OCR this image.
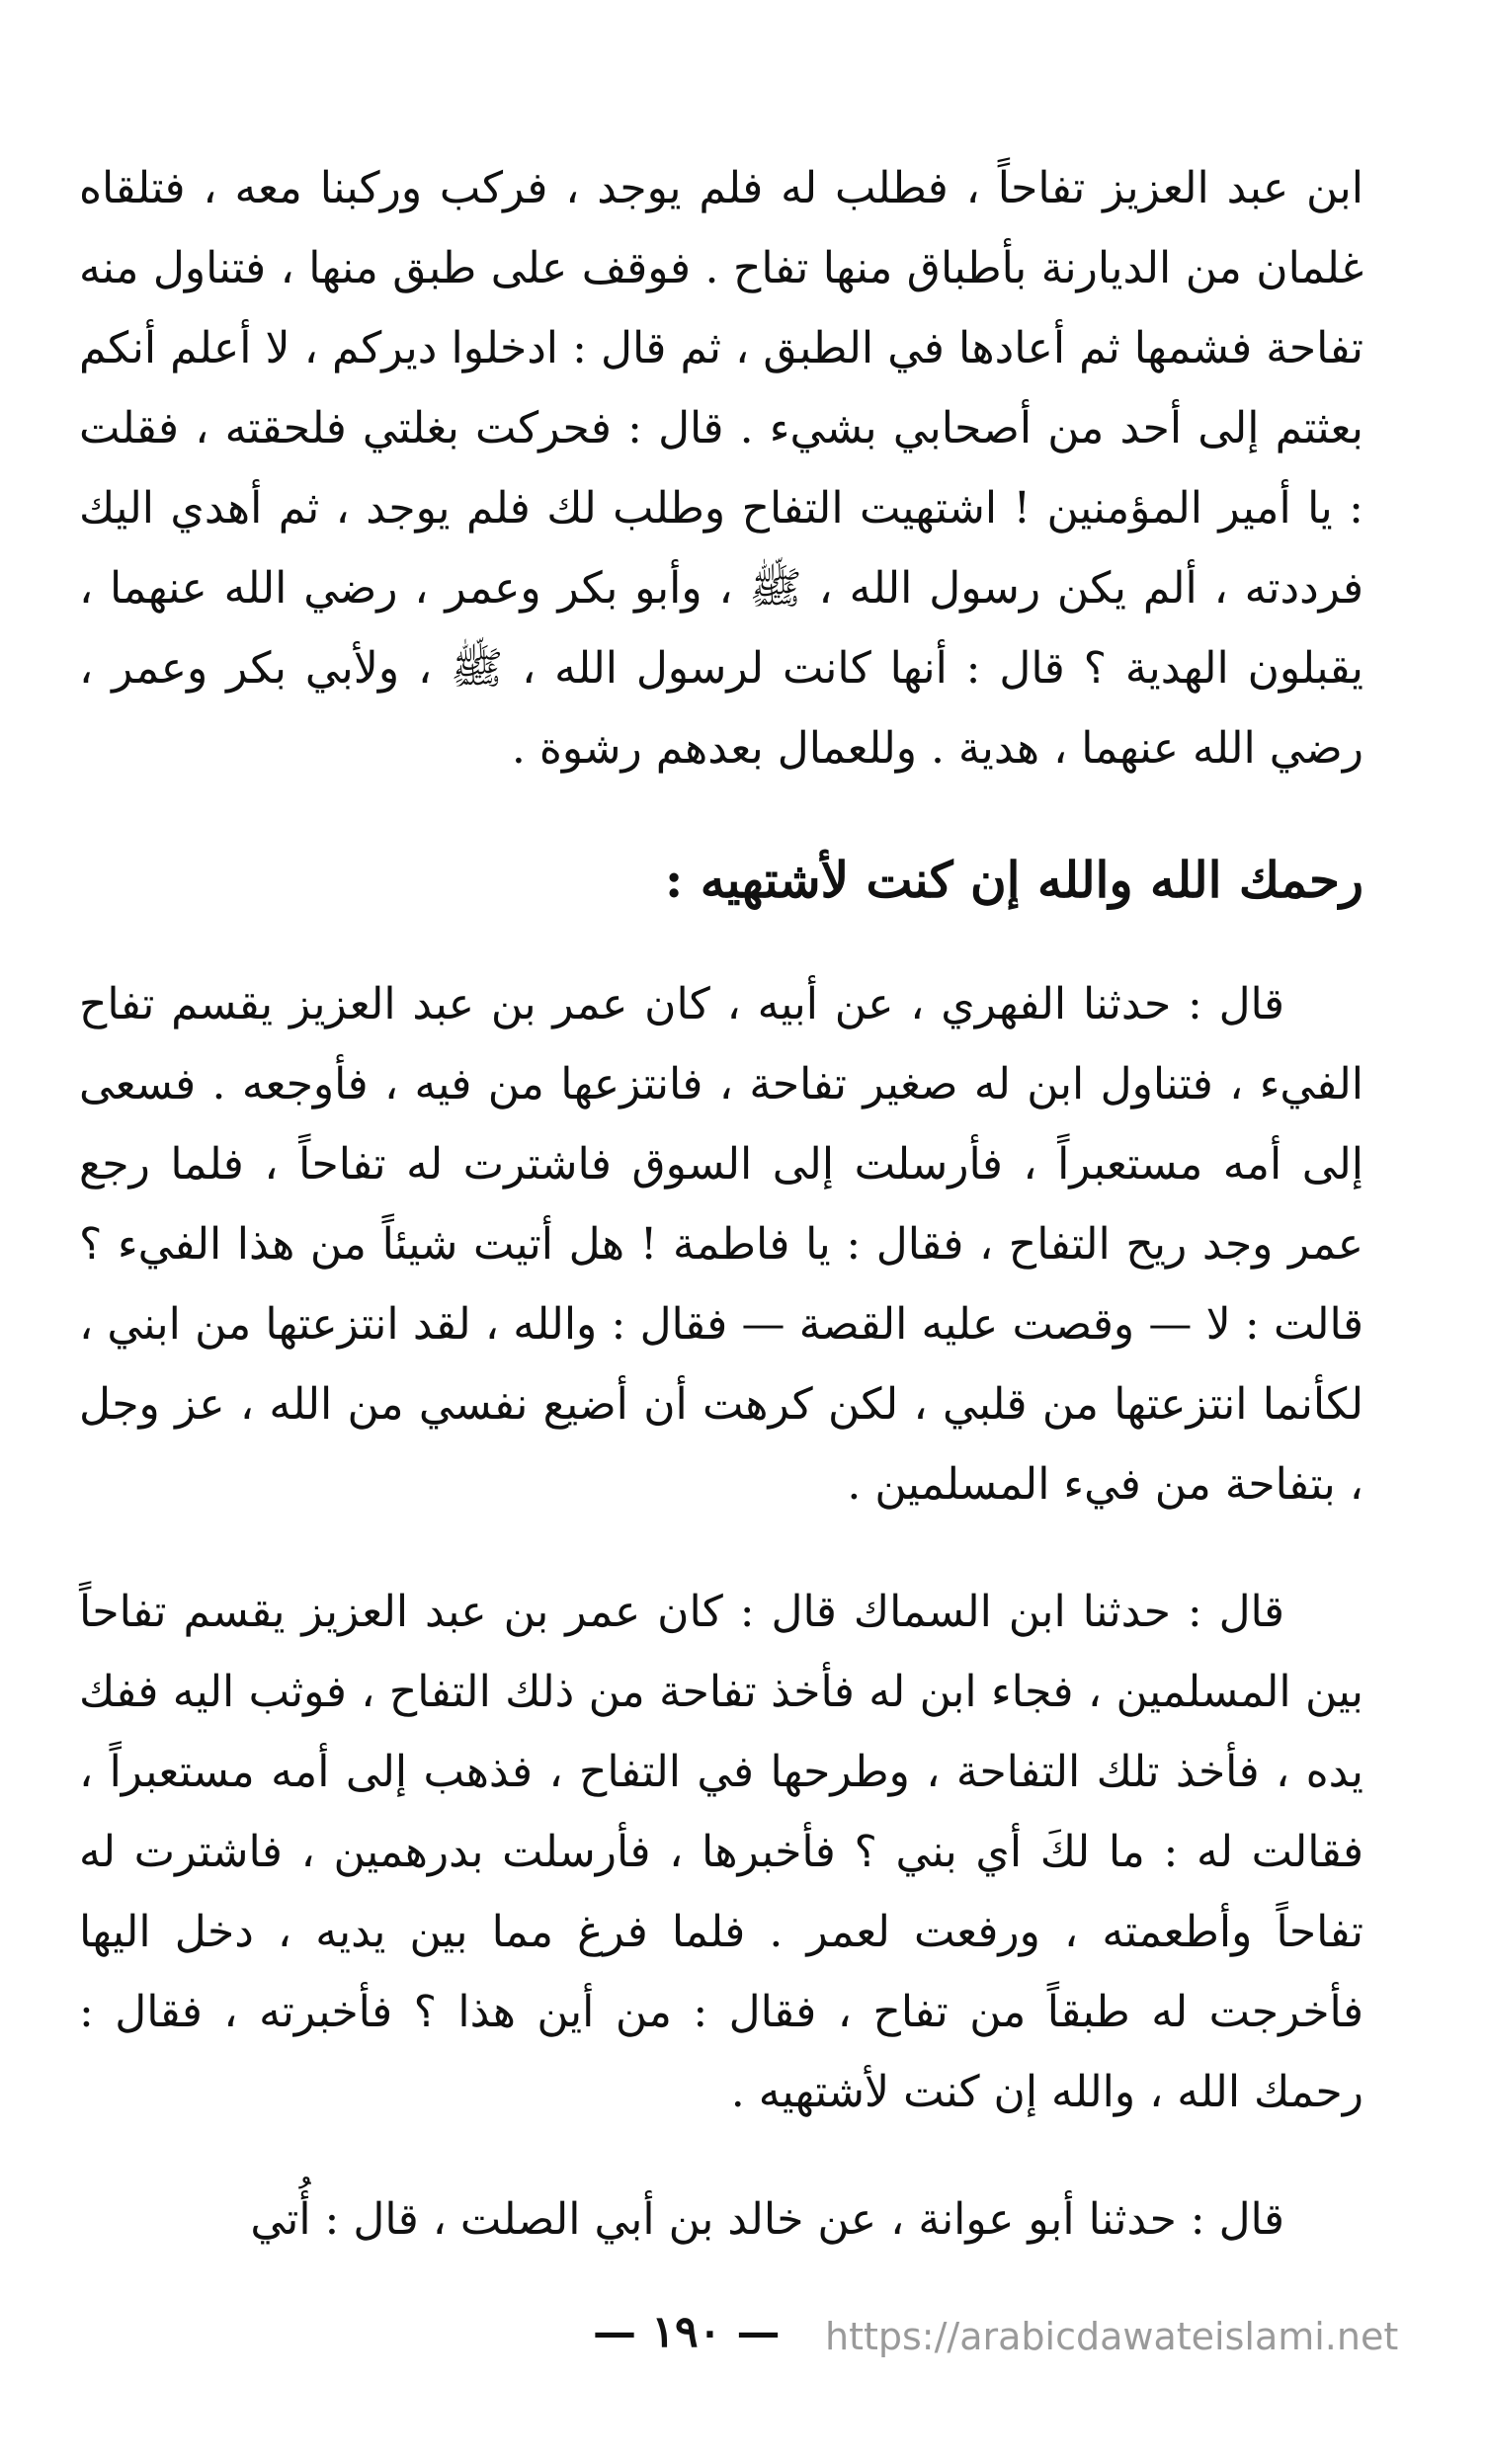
ابن عبد العزيز تفاحاً ، فطلب له فلم يوجد ، فركب وركبنا معه ، فتلقاه غلمان من الديارنة بأطباق منها تفاح . فوقف على طبق منها ، فتناول منه تفاحة فشمها ثم أعادها في الطبق ، ثم قال : ادخلوا ديركم ، لا أعلم أنكم بعثتم إلى أحد من أصحابي بشيء . قال : فحركت بغلتي فلحقته ، فقلت : يا أمير المؤمنين ! اشتهيت التفاح وطلب لك فلم يوجد ، ثم أهدي اليك فرددته ، ألم يكن رسول الله ، ﷺ ، وأبو بكر وعمر ، رضي الله عنهما ، يقبلون الهدية ؟ قال : أنها كانت لرسول الله ، ﷺ ، ولأبي بكر وعمر ، رضي الله عنهما ، هدية . وللعمال بعدهم رشوة .

رحمك الله والله إن كنت لأشتهيه :

قال : حدثنا الفهري ، عن أبيه ، كان عمر بن عبد العزيز يقسم تفاح الفيء ، فتناول ابن له صغير تفاحة ، فانتزعها من فيه ، فأوجعه . فسعى إلى أمه مستعبراً ، فأرسلت إلى السوق فاشترت له تفاحاً ، فلما رجع عمر وجد ريح التفاح ، فقال : يا فاطمة ! هل أتيت شيئاً من هذا الفيء ؟ قالت : لا — وقصت عليه القصة — فقال : والله ، لقد انتزعتها من ابني ، لكأنما انتزعتها من قلبي ، لكن كرهت أن أضيع نفسي من الله ، عز وجل ، بتفاحة من فيء المسلمين .

قال : حدثنا ابن السماك قال : كان عمر بن عبد العزيز يقسم تفاحاً بين المسلمين ، فجاء ابن له فأخذ تفاحة من ذلك التفاح ، فوثب اليه ففك يده ، فأخذ تلك التفاحة ، وطرحها في التفاح ، فذهب إلى أمه مستعبراً ، فقالت له : ما لكَ أي بني ؟ فأخبرها ، فأرسلت بدرهمين ، فاشترت له تفاحاً وأطعمته ، ورفعت لعمر . فلما فرغ مما بين يديه ، دخل اليها فأخرجت له طبقاً من تفاح ، فقال : من أين هذا ؟ فأخبرته ، فقال : رحمك الله ، والله إن كنت لأشتهيه .

قال : حدثنا أبو عوانة ، عن خالد بن أبي الصلت ، قال : أُتي

— ١٩٠ — https://arabicdawateislami.net
